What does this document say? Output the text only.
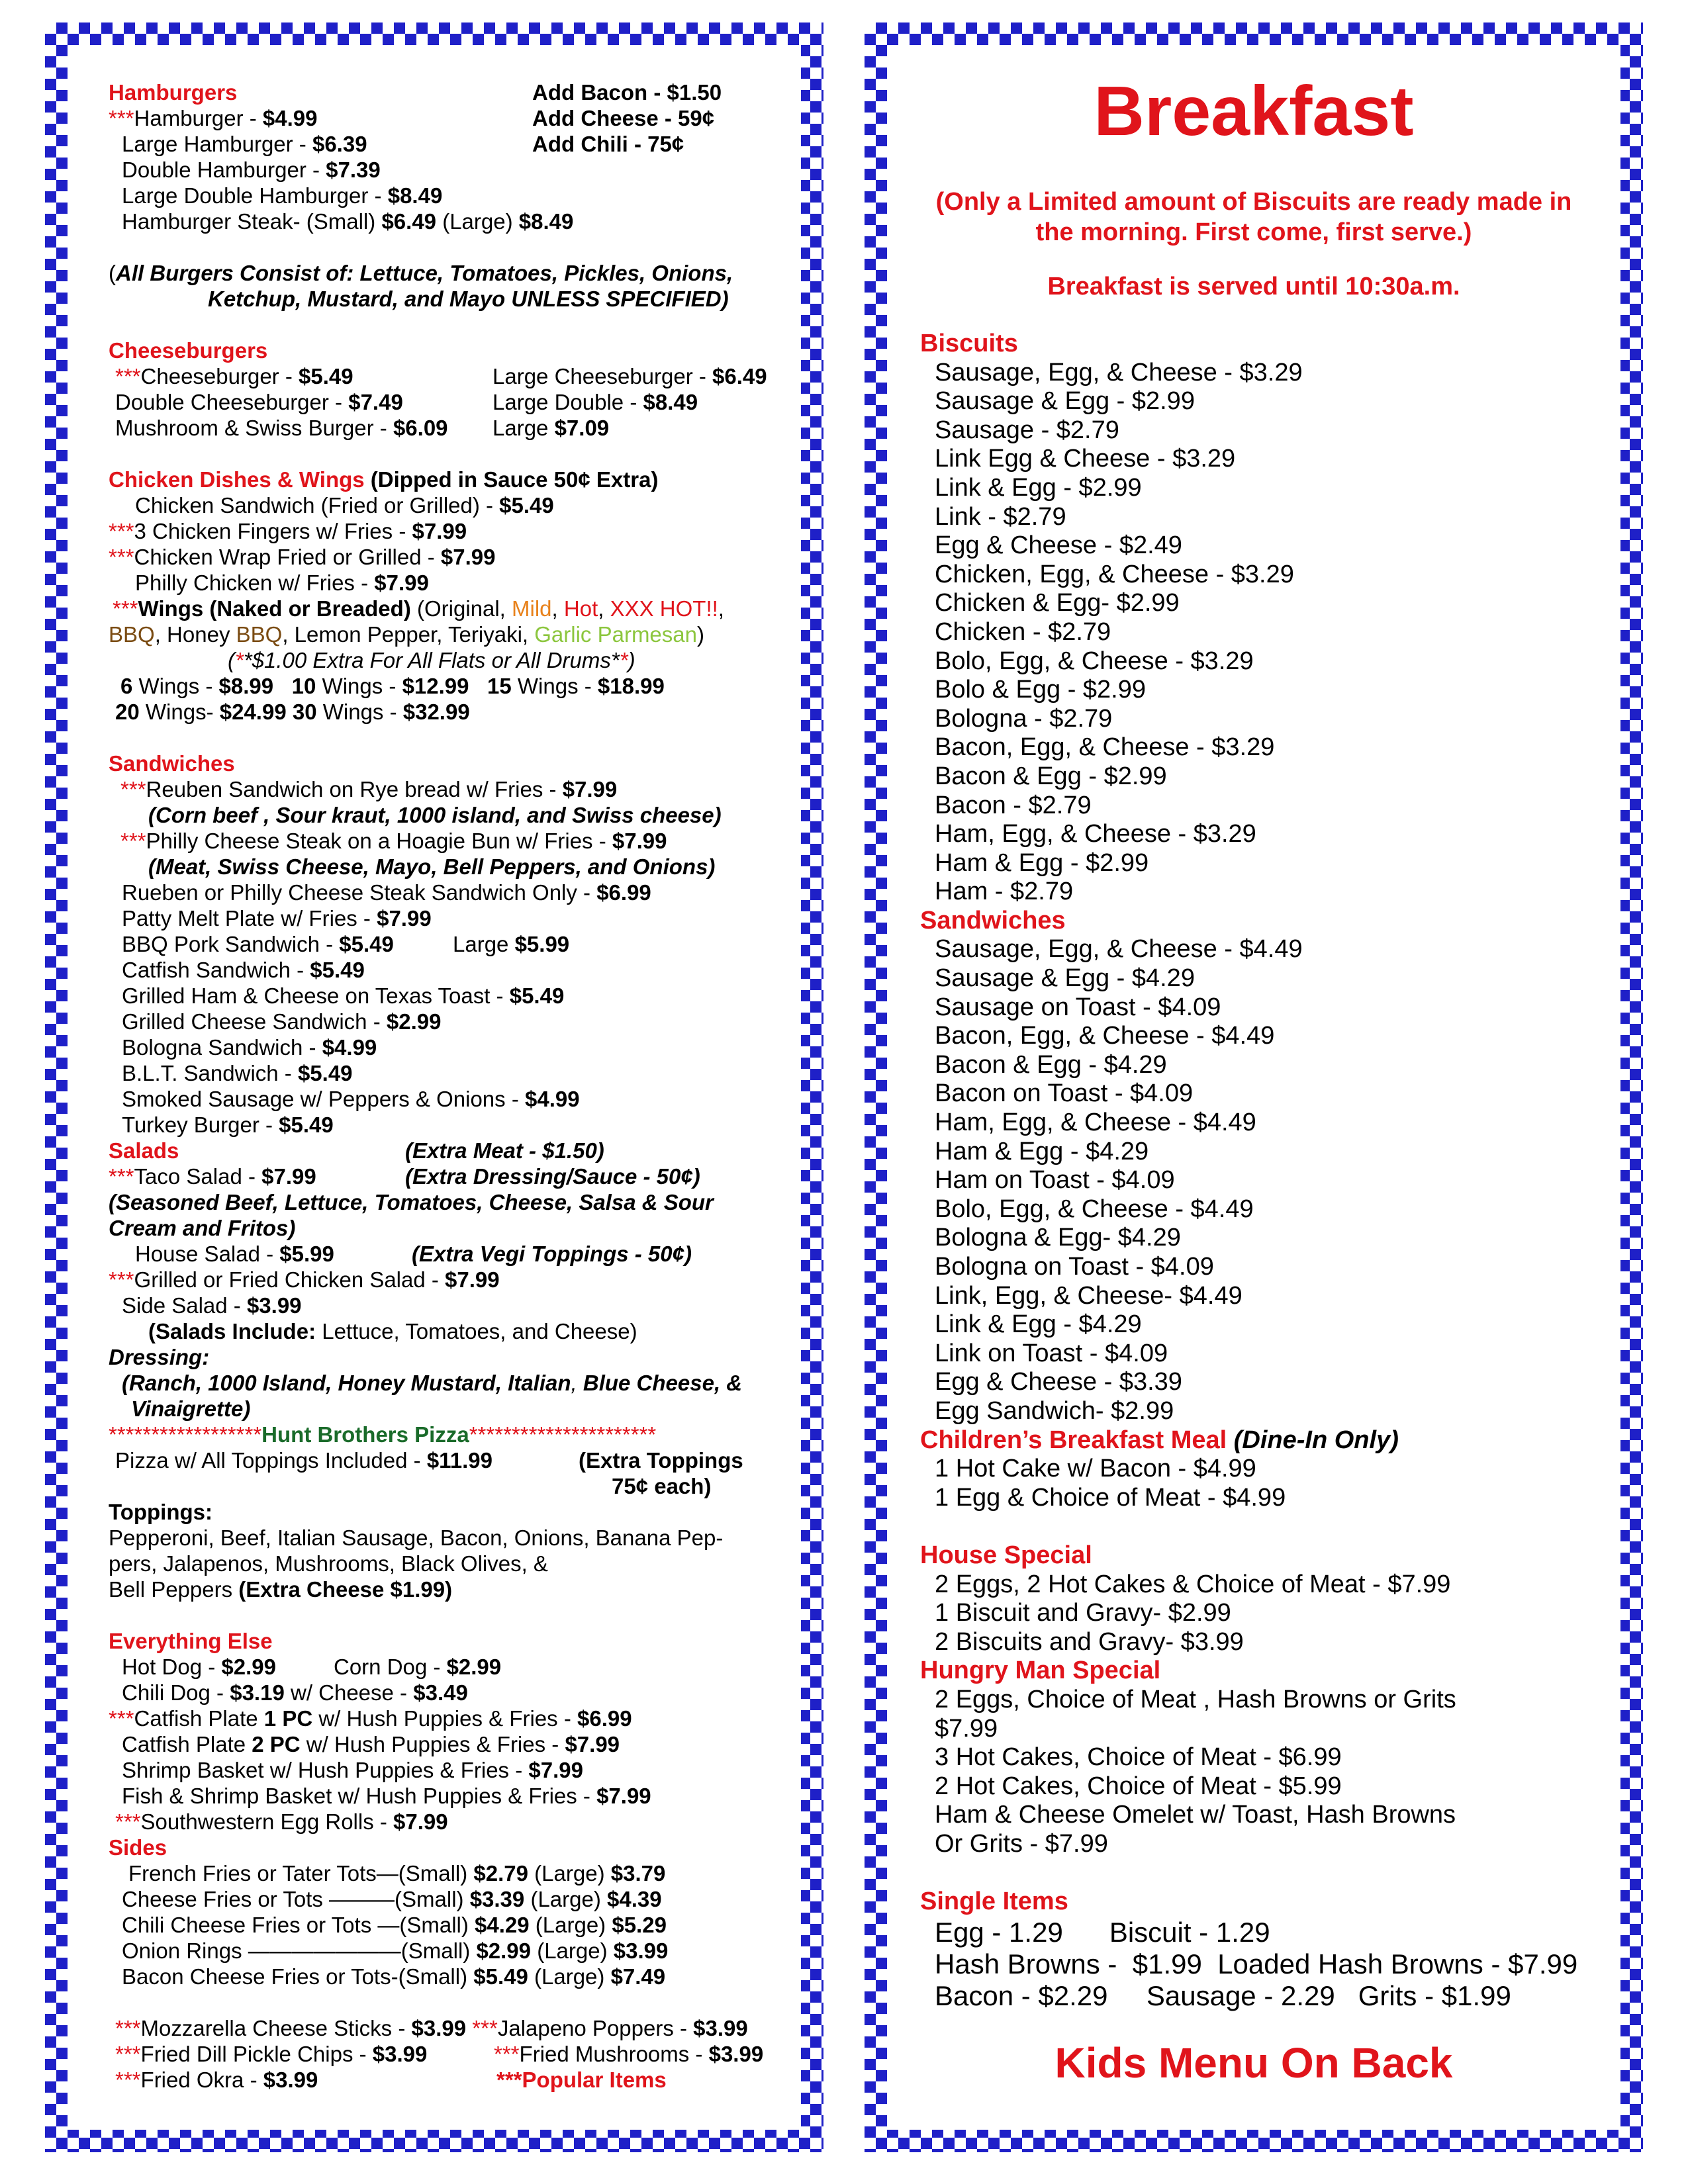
Hamburgers	Add Bacon - $1.50
***Hamburger - $4.99	Add Cheese - 59¢
Large Hamburger - $6.39	Add Chili - 75¢
Double Hamburger - $7.39
Large Double Hamburger - $8.49
Hamburger Steak- (Small) $6.49 (Large) $8.49
(All Burgers Consist of: Lettuce, Tomatoes, Pickles, Onions,
Ketchup, Mustard, and Mayo UNLESS SPECIFIED)
Cheeseburgers
***Cheeseburger - $5.49	Large Cheeseburger - $6.49
Double Cheeseburger - $7.49	Large Double - $8.49
Mushroom & Swiss Burger - $6.09 Large $7.09
Chicken Dishes & Wings (Dipped in Sauce 50¢ Extra)
Chicken Sandwich (Fried or Grilled) - $5.49
***3 Chicken Fingers w/ Fries - $7.99
***Chicken Wrap Fried or Grilled - $7.99
Philly Chicken w/ Fries - $7.99
***Wings (Naked or Breaded) (Original, Mild, Hot, XXX HOT!!,
BBQ, Honey BBQ, Lemon Pepper, Teriyaki, Garlic Parmesan)
(**$1.00 Extra For All Flats or All Drums**)
6 Wings - $8.99 10 Wings - $12.99 15 Wings - $18.99
20 Wings- $24.99 30 Wings - $32.99
Sandwiches
***Reuben Sandwich on Rye bread w/ Fries - $7.99
(Corn beef , Sour kraut, 1000 island, and Swiss cheese)
***Philly Cheese Steak on a Hoagie Bun w/ Fries - $7.99
(Meat, Swiss Cheese, Mayo, Bell Peppers, and Onions)
Rueben or Philly Cheese Steak Sandwich Only - $6.99
Patty Melt Plate w/ Fries - $7.99
BBQ Pork Sandwich - $5.49	Large $5.99
Catfish Sandwich - $5.49
Grilled Ham & Cheese on Texas Toast - $5.49
Grilled Cheese Sandwich - $2.99
Bologna Sandwich - $4.99
B.L.T. Sandwich - $5.49
Smoked Sausage w/ Peppers & Onions - $4.99
Turkey Burger - $5.49
Salads	(Extra Meat - $1.50)
***Taco Salad - $7.99	(Extra Dressing/Sauce - 50¢)
(Seasoned Beef, Lettuce, Tomatoes, Cheese, Salsa & Sour
Cream and Fritos)
House Salad - $5.99	(Extra Vegi Toppings - 50¢)
***Grilled or Fried Chicken Salad - $7.99
Side Salad - $3.99
(Salads Include: Lettuce, Tomatoes, and Cheese)
Dressing:
(Ranch, 1000 Island, Honey Mustard, Italian, Blue Cheese, &
Vinaigrette)
******************Hunt Brothers Pizza**********************
Pizza w/ All Toppings Included - $11.99	(Extra Toppings
75¢ each)
Toppings:
Pepperoni, Beef, Italian Sausage, Bacon, Onions, Banana Pep-
pers, Jalapenos, Mushrooms, Black Olives, &
Bell Peppers (Extra Cheese $1.99)
Everything Else
Hot Dog - $2.99	Corn Dog - $2.99
Chili Dog - $3.19 w/ Cheese - $3.49
***Catfish Plate 1 PC w/ Hush Puppies & Fries - $6.99
Catfish Plate 2 PC w/ Hush Puppies & Fries - $7.99
Shrimp Basket w/ Hush Puppies & Fries - $7.99
Fish & Shrimp Basket w/ Hush Puppies & Fries - $7.99
***Southwestern Egg Rolls - $7.99
Sides
French Fries or Tater Tots—(Small) $2.79 (Large) $3.79
Cheese Fries or Tots ———(Small) $3.39 (Large) $4.39
Chili Cheese Fries or Tots —(Small) $4.29 (Large) $5.29
Onion Rings ———————(Small) $2.99 (Large) $3.99
Bacon Cheese Fries or Tots-(Small) $5.49 (Large) $7.49
***Mozzarella Cheese Sticks - $3.99 ***Jalapeno Poppers - $3.99
***Fried Dill Pickle Chips - $3.99	***Fried Mushrooms - $3.99
***Fried Okra - $3.99	***Popular Items
Breakfast
(Only a Limited amount of Biscuits are ready made in
the morning. First come, first serve.)
Breakfast is served until 10:30a.m.
Biscuits
Sausage, Egg, & Cheese - $3.29
Sausage & Egg - $2.99
Sausage - $2.79
Link Egg & Cheese - $3.29
Link & Egg - $2.99
Link - $2.79
Egg & Cheese - $2.49
Chicken, Egg, & Cheese - $3.29
Chicken & Egg- $2.99
Chicken - $2.79
Bolo, Egg, & Cheese - $3.29
Bolo & Egg - $2.99
Bologna - $2.79
Bacon, Egg, & Cheese - $3.29
Bacon & Egg - $2.99
Bacon - $2.79
Ham, Egg, & Cheese - $3.29
Ham & Egg - $2.99
Ham - $2.79
Sandwiches
Sausage, Egg, & Cheese - $4.49
Sausage & Egg - $4.29
Sausage on Toast - $4.09
Bacon, Egg, & Cheese - $4.49
Bacon & Egg - $4.29
Bacon on Toast - $4.09
Ham, Egg, & Cheese - $4.49
Ham & Egg - $4.29
Ham on Toast - $4.09
Bolo, Egg, & Cheese - $4.49
Bologna & Egg- $4.29
Bologna on Toast - $4.09
Link, Egg, & Cheese- $4.49
Link & Egg - $4.29
Link on Toast - $4.09
Egg & Cheese - $3.39
Egg Sandwich- $2.99
Children’s Breakfast Meal (Dine-In Only)
1 Hot Cake w/ Bacon - $4.99
1 Egg & Choice of Meat - $4.99
House Special
2 Eggs, 2 Hot Cakes & Choice of Meat - $7.99
1 Biscuit and Gravy- $2.99
2 Biscuits and Gravy- $3.99
Hungry Man Special
2 Eggs, Choice of Meat , Hash Browns or Grits
$7.99
3 Hot Cakes, Choice of Meat - $6.99
2 Hot Cakes, Choice of Meat - $5.99
Ham & Cheese Omelet w/ Toast, Hash Browns
Or Grits - $7.99
Single Items
Egg - 1.29      Biscuit - 1.29
Hash Browns -  $1.99  Loaded Hash Browns - $7.99
Bacon - $2.29     Sausage - 2.29   Grits - $1.99
Kids Menu On Back
